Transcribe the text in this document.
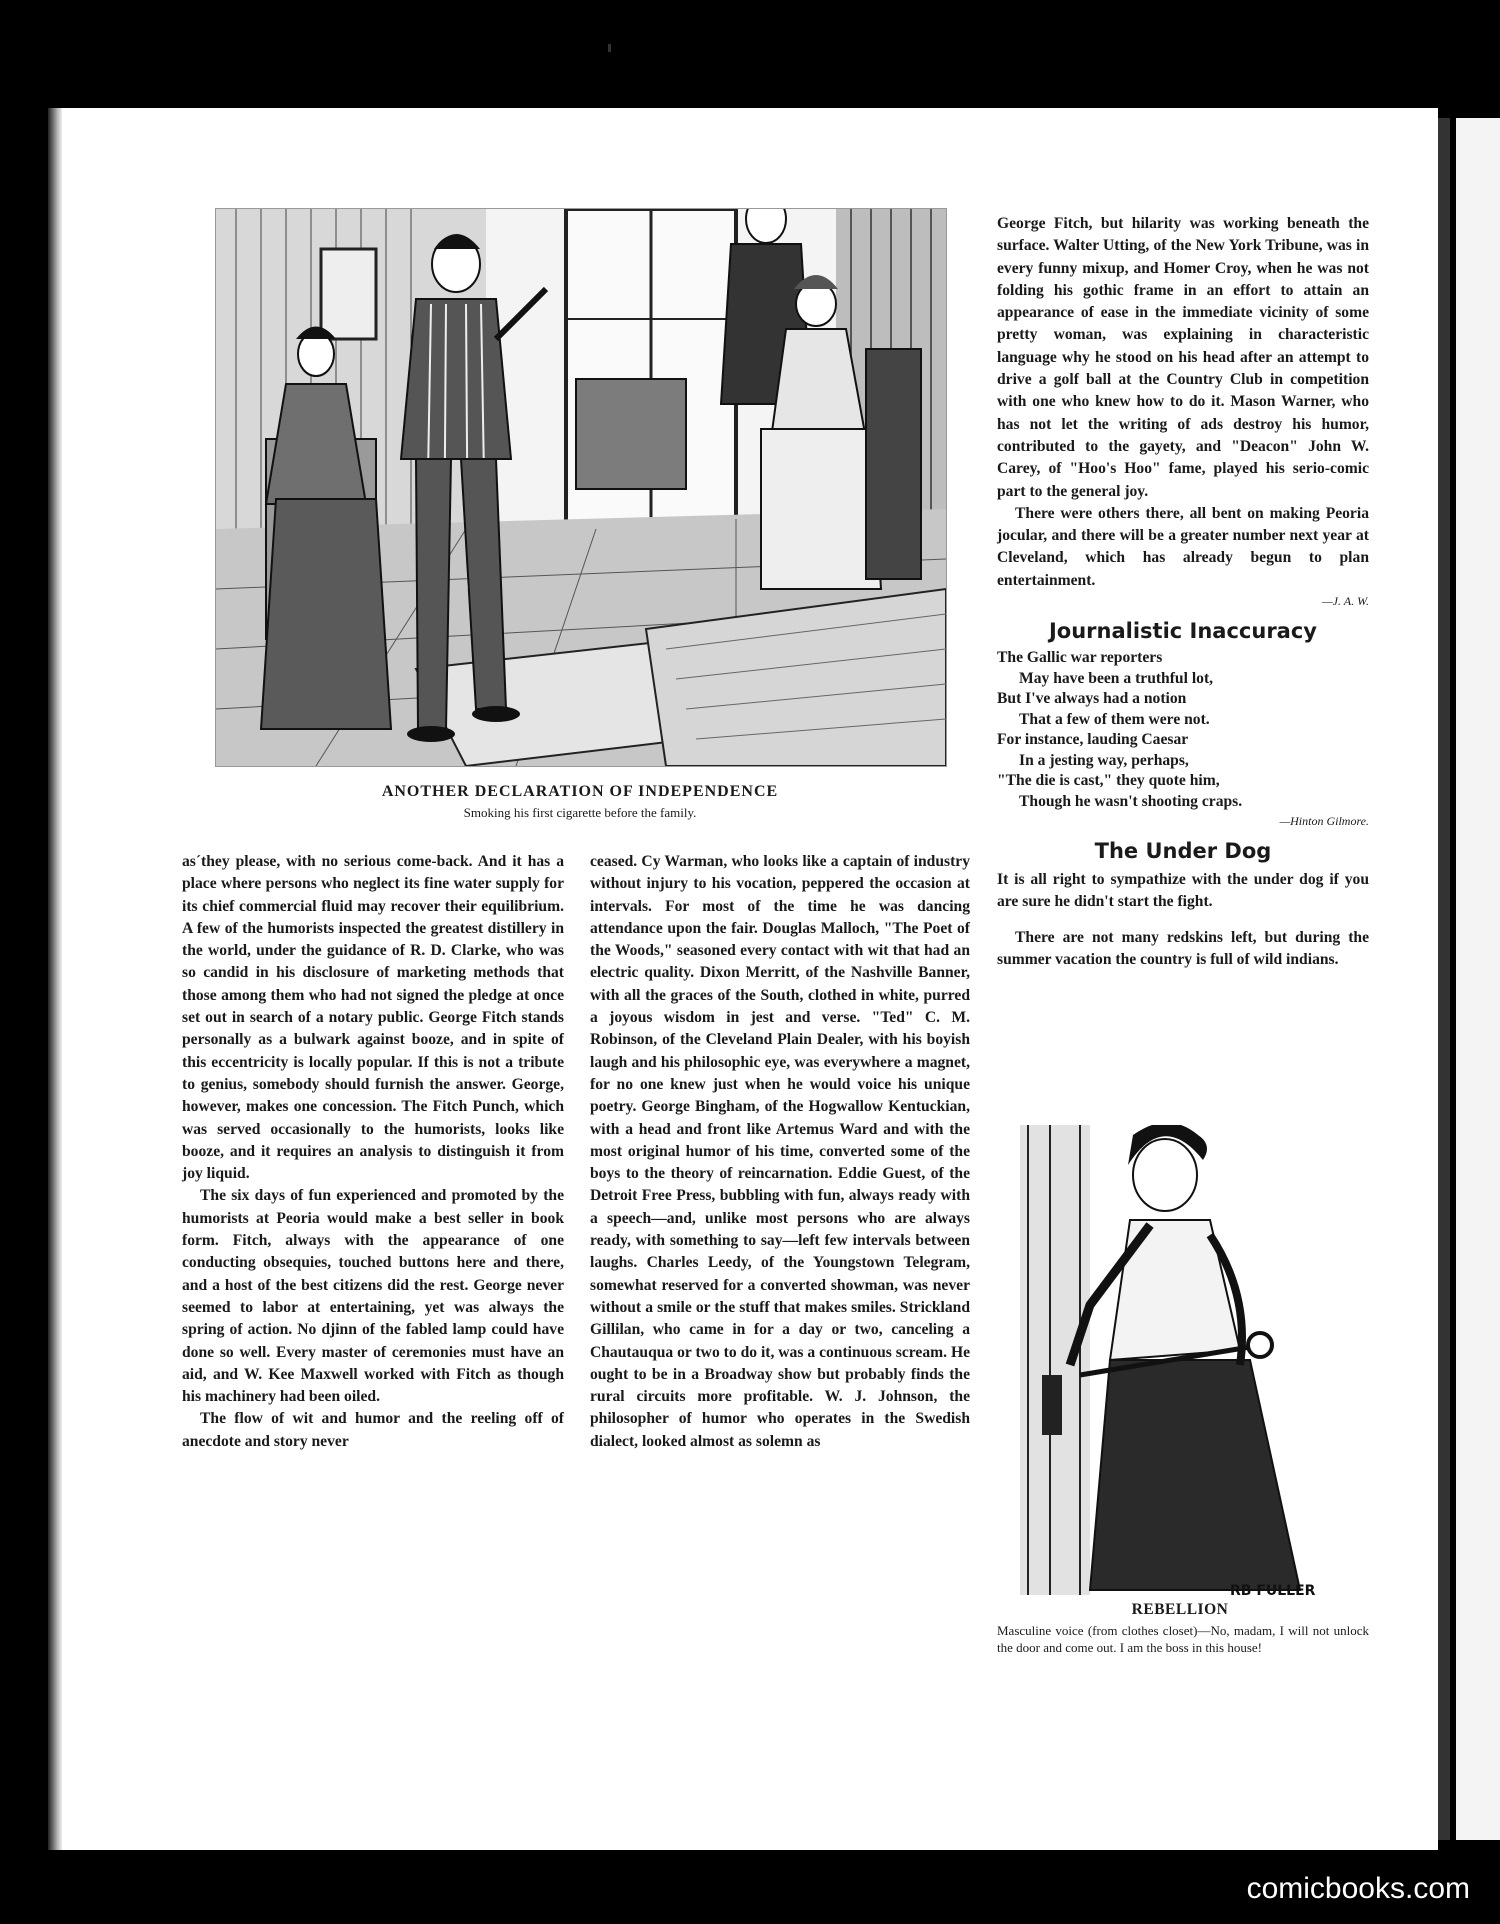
ANOTHER DECLARATION OF INDEPENDENCE
Smoking his first cigarette before the family.

as´they please, with no serious come-back. And it has a place where persons who neglect its fine water supply for its chief commercial fluid may recover their equilibrium. A few of the humorists inspected the greatest distillery in the world, under the guidance of R. D. Clarke, who was so candid in his disclosure of marketing methods that those among them who had not signed the pledge at once set out in search of a notary public. George Fitch stands personally as a bulwark against booze, and in spite of this eccentricity is locally popular. If this is not a tribute to genius, somebody should furnish the answer. George, however, makes one concession. The Fitch Punch, which was served occasionally to the humorists, looks like booze, and it requires an analysis to distinguish it from joy liquid.

The six days of fun experienced and promoted by the humorists at Peoria would make a best seller in book form. Fitch, always with the appearance of one conducting obsequies, touched buttons here and there, and a host of the best citizens did the rest. George never seemed to labor at entertaining, yet was always the spring of action. No djinn of the fabled lamp could have done so well. Every master of ceremonies must have an aid, and W. Kee Maxwell worked with Fitch as though his machinery had been oiled.

The flow of wit and humor and the reeling off of anecdote and story never

ceased. Cy Warman, who looks like a captain of industry without injury to his vocation, peppered the occasion at intervals. For most of the time he was dancing attendance upon the fair. Douglas Malloch, "The Poet of the Woods," seasoned every contact with wit that had an electric quality. Dixon Merritt, of the Nashville Banner, with all the graces of the South, clothed in white, purred a joyous wisdom in jest and verse. "Ted" C. M. Robinson, of the Cleveland Plain Dealer, with his boyish laugh and his philosophic eye, was everywhere a magnet, for no one knew just when he would voice his unique poetry. George Bingham, of the Hogwallow Kentuckian, with a head and front like Artemus Ward and with the most original humor of his time, converted some of the boys to the theory of reincarnation. Eddie Guest, of the Detroit Free Press, bubbling with fun, always ready with a speech—and, unlike most persons who are always ready, with something to say—left few intervals between laughs. Charles Leedy, of the Youngstown Telegram, somewhat reserved for a converted showman, was never without a smile or the stuff that makes smiles. Strickland Gillilan, who came in for a day or two, canceling a Chautauqua or two to do it, was a continuous scream. He ought to be in a Broadway show but probably finds the rural circuits more profitable. W. J. Johnson, the philosopher of humor who operates in the Swedish dialect, looked almost as solemn as

George Fitch, but hilarity was working beneath the surface. Walter Utting, of the New York Tribune, was in every funny mixup, and Homer Croy, when he was not folding his gothic frame in an effort to attain an appearance of ease in the immediate vicinity of some pretty woman, was explaining in characteristic language why he stood on his head after an attempt to drive a golf ball at the Country Club in competition with one who knew how to do it. Mason Warner, who has not let the writing of ads destroy his humor, contributed to the gayety, and "Deacon" John W. Carey, of "Hoo's Hoo" fame, played his serio-comic part to the general joy.

There were others there, all bent on making Peoria jocular, and there will be a greater number next year at Cleveland, which has already begun to plan entertainment.

—J. A. W.
Journalistic Inaccuracy
The Gallic war reporters
May have been a truthful lot,
But I've always had a notion
That a few of them were not.
For instance, lauding Caesar
In a jesting way, perhaps,
"The die is cast," they quote him,
Though he wasn't shooting craps.
—Hinton Gilmore.
The Under Dog

It is all right to sympathize with the under dog if you are sure he didn't start the fight.

There are not many redskins left, but during the summer vacation the country is full of wild indians.

RB FULLER
REBELLION
Masculine voice (from clothes closet)—No, madam, I will not unlock the door and come out. I am the boss in this house!
comicbooks.com
